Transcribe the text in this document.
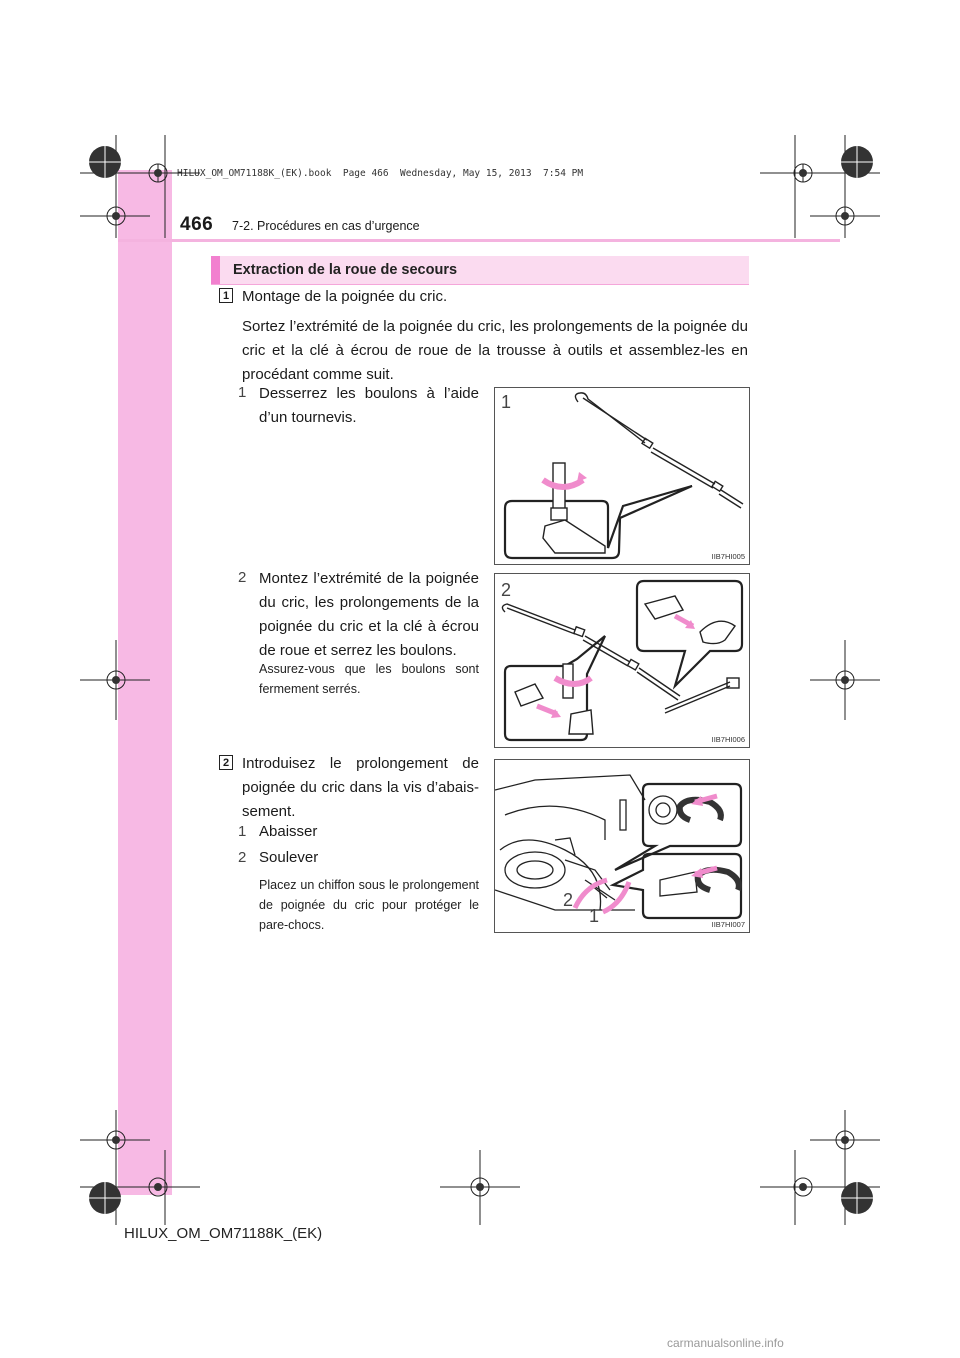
466 7-2. Procédures en cas d’urgence
HILUX_OM_OM71188K_(EK).book  Page 466  Wednesday, May 15, 2013  7:54 PM
Extraction de la roue de secours
1 Montage de la poignée du cric.
Sortez l’extrémité de la poignée du cric, les prolongements de la poignée du cric et la clé à écrou de roue de la trousse à outils et assemblez-les en procédant comme suit.
1 Desserrez les boulons à l’aide d’un tournevis.
2 Montez l’extrémité de la poignée du cric, les prolongements de la poignée du cric et la clé à écrou de roue et serrez les boulons.
Assurez-vous que les boulons sont fermement serrés.
2 Introduisez le prolongement de poignée du cric dans la vis d’abaissement.
1 Abaisser
2 Soulever
Placez un chiffon sous le prolongement de poignée du cric pour protéger le pare-chocs.
1
IIB7HI005
2
IIB7HI006
2
1	IIB7HI007
HILUX_OM_OM71188K_(EK)
carmanualsonline.info
